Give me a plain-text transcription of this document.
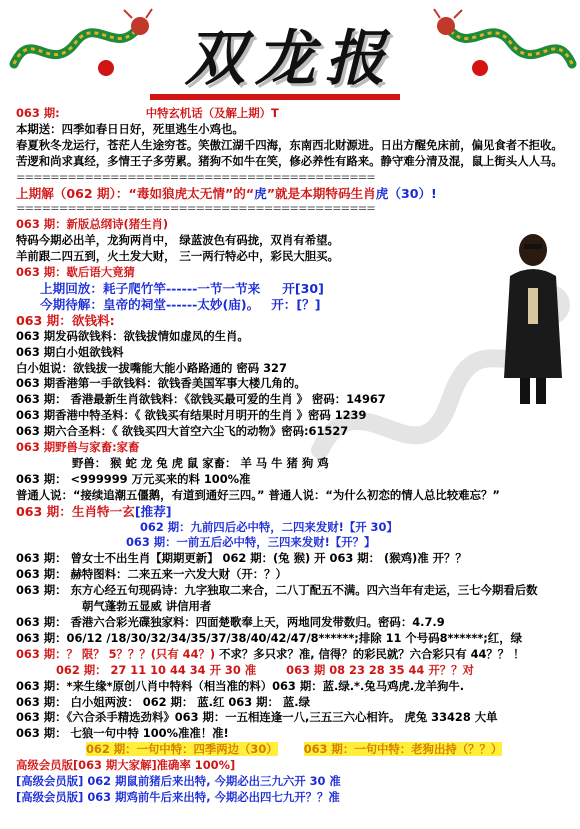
双龙报
063 期:	中特玄机话（及解上期）T
本期送：四季如春日日好，死里逃生小鸡也。
春夏秋冬龙运行，苍茫人生途穷苍。笑傲江湖千四海，东南西北财源进。日出方醒免床前，偏见食者不拒收。苦逻和尚求真经，多情王子多劳累。猪狗不如牛在笑，修必养性有路来。静守难分清及混，鼠上街头人人马。
==========================================
上期解（062 期）：“毒如狼虎太无情”的“虎”就是本期特码生肖虎（30）!
==========================================
063 期：新版总纲诗(猪生肖)
特码今期必出羊，龙狗两肖中， 绿蓝波色有码拢，双肖有希望。
羊前跟二四五到，火土发大财， 三一两行特必中，彩民大胆买。
063 期：歇后语大竟猜
上期回放：耗子爬竹竿------一节一节来 开[30]
今期待解：皇帝的祠堂------太妙(庙)。 开：[？]
063 期：欲钱料:
063 期发码欲钱料：欲钱拔情如虚凤的生肖。
063 期白小姐欲钱料
白小姐说：欲钱拔一拔嘴能大能小路路通的 密码 327
063 期香港第一手欲钱料：欲钱香美国军事大楼几角的。
063 期： 香港最新生肖欲钱料：《欲钱买最可爱的生肖 》 密码：14967
063 期香港中特圣料：《 欲钱买有结果时月明开的生肖 》密码 1239
063 期六合圣料：《 欲钱买四大首空六尘飞的动物》密码:61527
063 期野兽与家畜:家畜
野兽： 猴 蛇 龙 兔 虎 鼠 家畜： 羊 马 牛 猪 狗 鸡
063 期： <999999 万元买来的料 100%准
普通人说：“接续追潮五僵鹅，有道到通好三四。” 普通人说：“为什么初恋的情人总比较难忘？”
063 期：生肖特一玄[推荐]
062 期：九前四后必中特，二四来发财!【开 30】
063 期：一前五后必中特，三四来发财!【开？】
063 期： 曾女士不出生肖【期期更新】 062 期：(兔 猴) 开 063 期： (猴鸡)准 开？？
063 期： 赫特图料：二来五来一六发大财（开：？）
063 期： 东方心经五句现码诗：九字独取二来合，二八丁配五不满。四六当年有走运，三七今期看后数
朝气蓬勃五显威 讲信用者
063 期： 香港六合彩光碟独家料：四面楚歌奉上天，两地同发带数归。密码：4.7.9
063 期：06/12 /18/30/32/34/35/37/38/40/42/47/8******;排除 11 个号码8******;红，绿
063 期：？ 限？ 5？？？(只有 44？) 不求？多只求？准, 信得？的彩民就？六合彩只有 44？？ ！
062 期： 27 11 10 44 34 开 30 准	063 期 08 23 28 35 44 开？？对
063 期：*来生缘*原创八肖中特料（相当准的料）063 期：蓝.绿.*.兔马鸡虎.龙羊狗牛.
063 期： 白小姐两波： 062 期： 蓝.红 063 期： 蓝.绿
063 期：《六合杀手精选劲料》063 期：一五相连逢一八,三五三六心相许。 虎兔 33428 大单
063 期： 七狼一句中特 100%准准！准!
062 期：一句中特：四季两边（30） 063 期：一句中特：老狗出持（？？）
高级会员版[063 期大家解]准确率 100%]
[高级会员版] 062 期鼠前猪后来出特, 今期必出三九六开 30 准
[高级会员版] 063 期鸡前牛后来出特, 今期必出四七九开？？准
